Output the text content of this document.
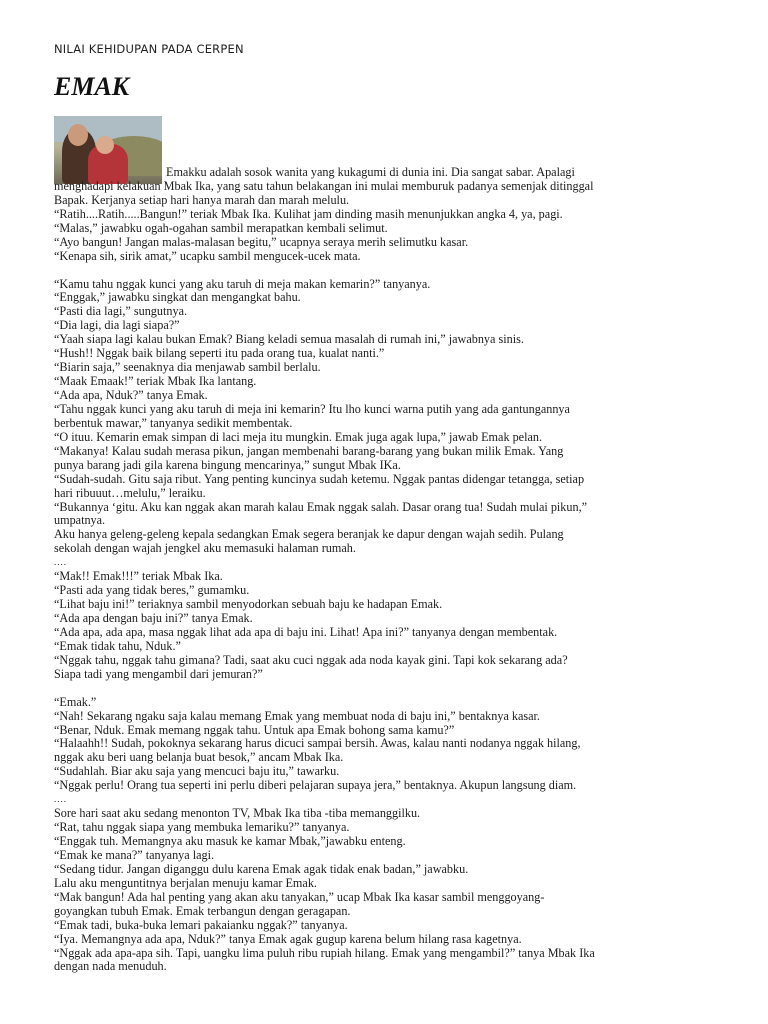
NILAI KEHIDUPAN PADA CERPEN
EMAK
Emakku adalah sosok wanita yang kukagumi di dunia ini. Dia sangat sabar. Apalagi
menghadapi kelakuan Mbak Ika, yang satu tahun belakangan ini mulai memburuk padanya semenjak ditinggal
Bapak. Kerjanya setiap hari hanya marah dan marah melulu.
“Ratih....Ratih.....Bangun!” teriak Mbak Ika. Kulihat jam dinding masih menunjukkan angka 4, ya, pagi.
“Malas,” jawabku ogah-ogahan sambil merapatkan kembali selimut.
“Ayo bangun! Jangan malas-malasan begitu,” ucapnya seraya merih selimutku kasar.
“Kenapa sih, sirik amat,” ucapku sambil mengucek-ucek mata.
“Kamu tahu nggak kunci yang aku taruh di meja makan kemarin?” tanyanya.
“Enggak,” jawabku singkat dan mengangkat bahu.
“Pasti dia lagi,” sungutnya.
“Dia lagi, dia lagi siapa?”
“Yaah siapa lagi kalau bukan Emak? Biang keladi semua masalah di rumah ini,” jawabnya sinis.
“Hush!! Nggak baik bilang seperti itu pada orang tua, kualat nanti.”
“Biarin saja,” seenaknya dia menjawab sambil berlalu.
“Maak Emaak!” teriak Mbak Ika lantang.
“Ada apa, Nduk?” tanya Emak.
“Tahu nggak kunci yang aku taruh di meja ini kemarin? Itu lho kunci warna putih yang ada gantungannya
berbentuk mawar,” tanyanya sedikit membentak.
“O ituu. Kemarin emak simpan di laci meja itu mungkin. Emak juga agak lupa,” jawab Emak pelan.
“Makanya! Kalau sudah merasa pikun, jangan membenahi barang-barang yang bukan milik Emak. Yang
punya barang jadi gila karena bingung mencarinya,” sungut Mbak IKa.
“Sudah-sudah. Gitu saja ribut. Yang penting kuncinya sudah ketemu. Nggak pantas didengar tetangga, setiap
hari ribuuut…melulu,” leraiku.
“Bukannya ‘gitu. Aku kan nggak akan marah kalau Emak nggak salah. Dasar orang tua! Sudah mulai pikun,”
umpatnya.
Aku hanya geleng-geleng kepala sedangkan Emak segera beranjak ke dapur dengan wajah sedih. Pulang
sekolah dengan wajah jengkel aku memasuki halaman rumah.
....
“Mak!! Emak!!!” teriak Mbak Ika.
“Pasti ada yang tidak beres,” gumamku.
“Lihat baju ini!” teriaknya sambil menyodorkan sebuah baju ke hadapan Emak.
“Ada apa dengan baju ini?” tanya Emak.
“Ada apa, ada apa, masa nggak lihat ada apa di baju ini. Lihat! Apa ini?” tanyanya dengan membentak.
“Emak tidak tahu, Nduk.”
“Nggak tahu, nggak tahu gimana? Tadi, saat aku cuci nggak ada noda kayak gini. Tapi kok sekarang ada?
Siapa tadi yang mengambil dari jemuran?”
“Emak.”
“Nah! Sekarang ngaku saja kalau memang Emak yang membuat noda di baju ini,” bentaknya kasar.
“Benar, Nduk. Emak memang nggak tahu. Untuk apa Emak bohong sama kamu?”
“Halaahh!! Sudah, pokoknya sekarang harus dicuci sampai bersih. Awas, kalau nanti nodanya nggak hilang,
nggak aku beri uang belanja buat besok,” ancam Mbak Ika.
“Sudahlah. Biar aku saja yang mencuci baju itu,” tawarku.
“Nggak perlu! Orang tua seperti ini perlu diberi pelajaran supaya jera,” bentaknya. Akupun langsung diam.
....
Sore hari saat aku sedang menonton TV, Mbak Ika tiba -tiba memanggilku.
“Rat, tahu nggak siapa yang membuka lemariku?” tanyanya.
“Enggak tuh. Memangnya aku masuk ke kamar Mbak,”jawabku enteng.
“Emak ke mana?” tanyanya lagi.
“Sedang tidur. Jangan diganggu dulu karena Emak agak tidak enak badan,” jawabku.
Lalu aku menguntitnya berjalan menuju kamar Emak.
“Mak bangun! Ada hal penting yang akan aku tanyakan,” ucap Mbak Ika kasar sambil menggoyang-
goyangkan tubuh Emak. Emak terbangun dengan geragapan.
“Emak tadi, buka-buka lemari pakaianku nggak?” tanyanya.
“Iya. Memangnya ada apa, Nduk?” tanya Emak agak gugup karena belum hilang rasa kagetnya.
“Nggak ada apa-apa sih. Tapi, uangku lima puluh ribu rupiah hilang. Emak yang mengambil?” tanya Mbak Ika
dengan nada menuduh.
